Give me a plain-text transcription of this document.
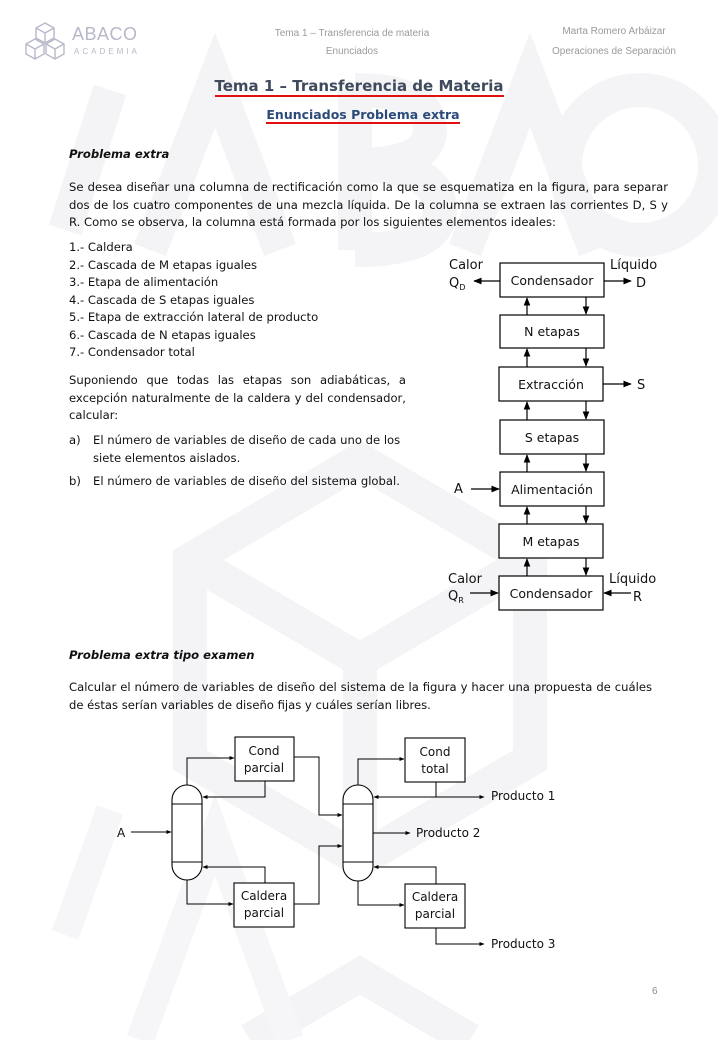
ABACO
ACADEMIA
Tema 1 – Transferencia de materia
Enunciados
Marta Romero Arbáizar
Operaciones de Separación
Tema 1 – Transferencia de Materia
Enunciados Problema extra
Problema extra
Se desea diseñar una columna de rectificación como la que se esquematiza en la figura, para separar dos de los cuatro componentes de una mezcla líquida. De la columna se extraen las corrientes D, S y R. Como se observa, la columna está formada por los siguientes elementos ideales:
1.- Caldera
2.- Cascada de M etapas iguales
3.- Etapa de alimentación
4.- Cascada de S etapas iguales
5.- Etapa de extracción lateral de producto
6.- Cascada de N etapas iguales
7.- Condensador total
Suponiendo que todas las etapas son adiabáticas, a excepción naturalmente de la caldera y del condensador, calcular:
a)	El número de variables de diseño de cada uno de los siete elementos aislados.
b)	El número de variables de diseño del sistema global.
Condensador
N etapas
Extracción
S etapas
Alimentación
M etapas
Condensador
Calor
$Q_D$
Líquido
D
S
A
Calor
$Q_R$
Líquido
R
Problema extra tipo examen
Calcular el número de variables de diseño del sistema de la figura y hacer una propuesta de cuáles de éstas serían variables de diseño fijas y cuáles serían libres.
Cond
parcial
Caldera
parcial
Cond
total
Caldera
parcial
A
Producto 1
Producto 2
Producto 3
6
